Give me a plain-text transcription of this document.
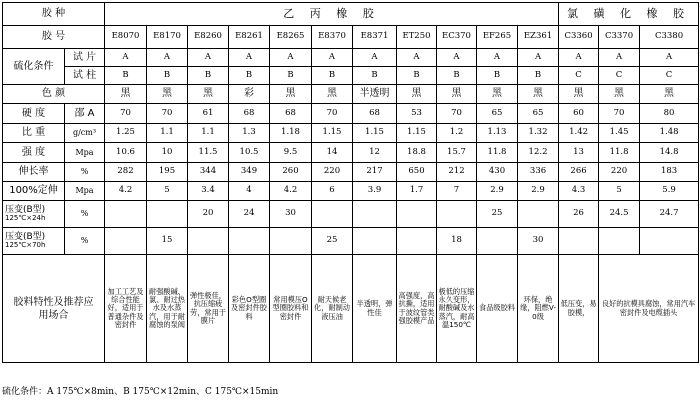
胶 种		乙 丙 橡 胶											氯 磺 化 橡 胶		
胶 号		E8070	E8170	E8260	E8261	E8265	E8370	E8371	ET250	EC370	EF265	EZ361	C3360	C3370	C3380
硫化条件	试 片	A	A	A	A	A	A	A	A	A	A	A	A	A	A
	试 柱	B	B	B	B	B	B	B	B	B	B	B	C	C	C
色 颜		黑	黑	黑	彩	黑	黑	半透明	黑	黑	黑	黑	黑	黑	黑
硬 度	邵 A	70	70	61	68	68	70	68	53	70	65	65	60	70	80
比 重	g/cm³	1.25	1.1	1.1	1.3	1.18	1.15	1.15	1.15	1.2	1.13	1.32	1.42	1.45	1.48
强 度	Mpa	10.6	10	11.5	10.5	9.5	14	12	18.8	15.7	11.8	12.2	13	11.8	14.8
伸长率	%	282	195	344	349	260	220	217	650	212	430	336	266	220	183
100%定伸	Mpa	4.2	5	3.4	4	4.2	6	3.9	1.7	7	2.9	2.9	4.3	5	5.9

压变(B型)
125℃×24h	%			20	24	30					25		26	24.5	24.7

压变(B型)
125℃×70h	%		15				25			18		30			
胶料特性及推荐应用场合		加工工艺及综合性能好，适用于普通杂件及密封件	耐强酸碱、氯、耐过热水及水蒸汽，用于耐腐蚀的泵阀	弹性极佳，抗压缩疲劳，常用于膜片	彩色O型圈及密封件胶料	常用模压O型圈胶料和密封件	耐天候老化，耐制动液压油	半透明，弹性佳	高强度，高抗撕，适用于波纹管类强胶模产品	极低的压缩永久变形，耐酸碱及水蒸汽，耐高温150℃	食品级胶料	环保，绝缘，阻燃V-0级	低压变，易胶模，	良好的抗模具腐蚀，常用汽车密封件及电缆插头	
硫化条件：A 175℃×8min、B 175℃×12min、C 175℃×15min
